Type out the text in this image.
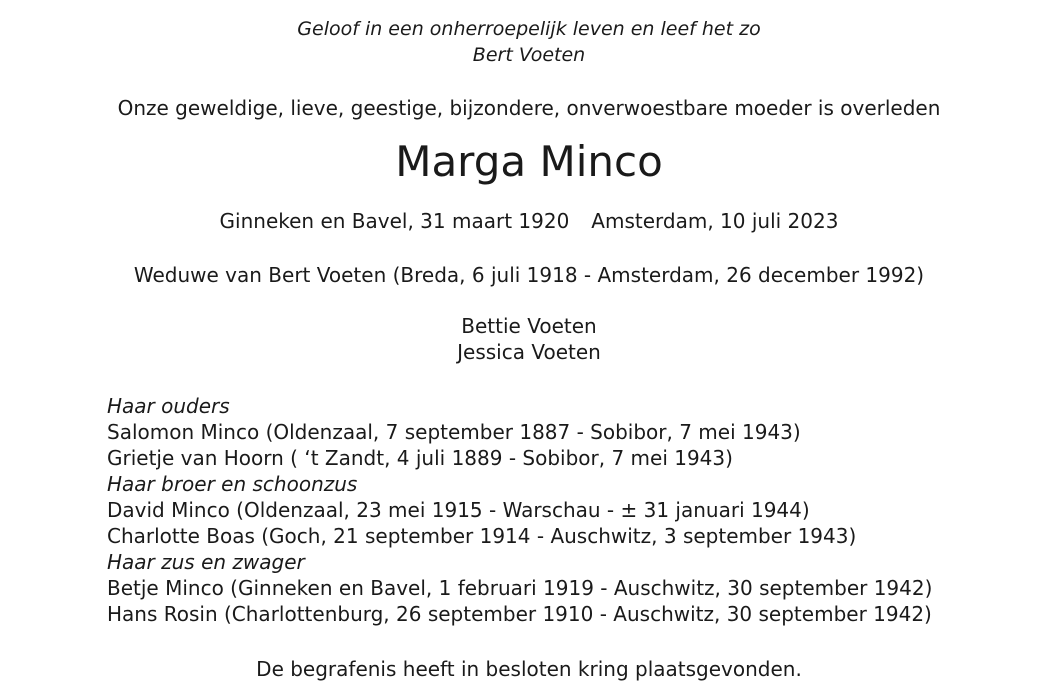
Geloof in een onherroepelijk leven en leef het zo
Bert Voeten
Onze geweldige, lieve, geestige, bijzondere, onverwoestbare moeder is overleden
Marga Minco
Ginneken en Bavel, 31 maart 1920 Amsterdam, 10 juli 2023
Weduwe van Bert Voeten (Breda, 6 juli 1918 - Amsterdam, 26 december 1992)
Bettie Voeten
Jessica Voeten
Haar ouders
Salomon Minco (Oldenzaal, 7 september 1887 - Sobibor, 7 mei 1943)
Grietje van Hoorn ( ‘t Zandt, 4 juli 1889 - Sobibor, 7 mei 1943)
Haar broer en schoonzus
David Minco (Oldenzaal, 23 mei 1915 - Warschau - ± 31 januari 1944)
Charlotte Boas (Goch, 21 september 1914 - Auschwitz, 3 september 1943)
Haar zus en zwager
Betje Minco (Ginneken en Bavel, 1 februari 1919 - Auschwitz, 30 september 1942)
Hans Rosin (Charlottenburg, 26 september 1910 - Auschwitz, 30 september 1942)
De begrafenis heeft in besloten kring plaatsgevonden.
